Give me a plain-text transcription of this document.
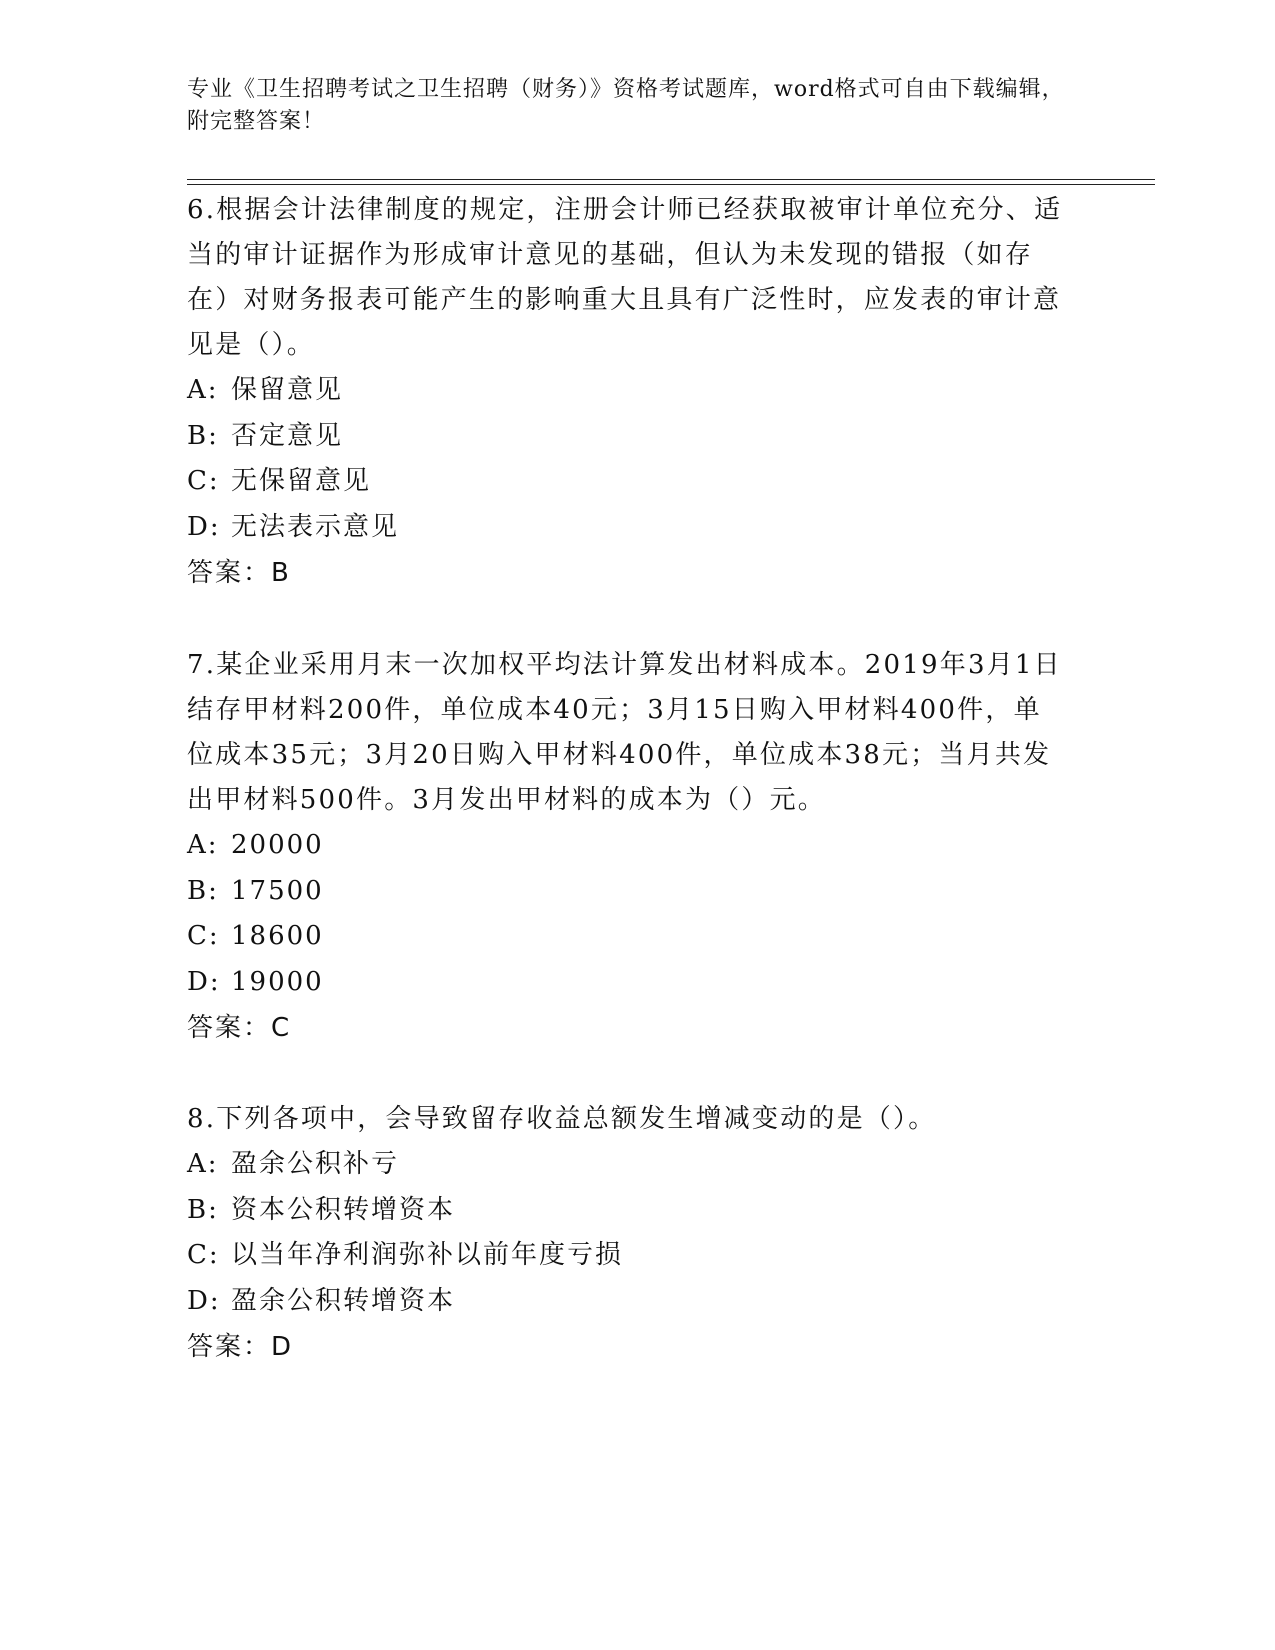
专业《卫生招聘考试之卫生招聘（财务）》资格考试题库，word格式可自由下载编辑，附完整答案！

6.根据会计法律制度的规定，注册会计师已经获取被审计单位充分、适当的审计证据作为形成审计意见的基础，但认为未发现的错报（如存在）对财务报表可能产生的影响重大且具有广泛性时，应发表的审计意见是（）。

A: 保留意见

B: 否定意见

C: 无保留意见

D: 无法表示意见

答案：B

7.某企业采用月末一次加权平均法计算发出材料成本。2019年3月1日结存甲材料200件，单位成本40元；3月15日购入甲材料400件，单位成本35元；3月20日购入甲材料400件，单位成本38元；当月共发出甲材料500件。3月发出甲材料的成本为（）元。

A: 20000

B: 17500

C: 18600

D: 19000

答案：C

8.下列各项中，会导致留存收益总额发生增减变动的是（）。

A: 盈余公积补亏

B: 资本公积转增资本

C: 以当年净利润弥补以前年度亏损

D: 盈余公积转增资本

答案：D
